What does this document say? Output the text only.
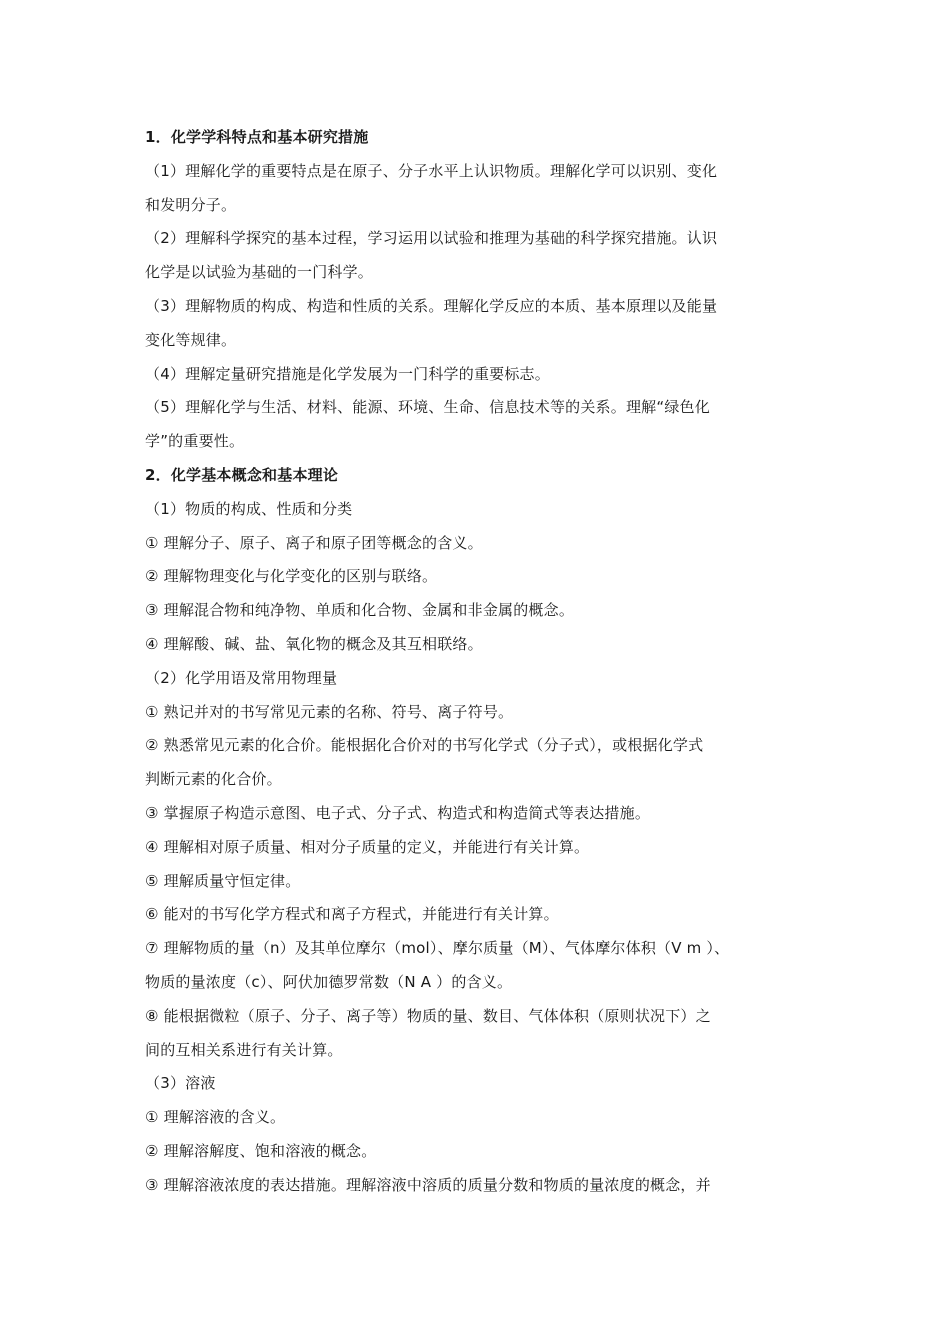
1．化学学科特点和基本研究措施
（1）理解化学的重要特点是在原子、分子水平上认识物质。理解化学可以识别、变化
和发明分子。
（2）理解科学探究的基本过程，学习运用以试验和推理为基础的科学探究措施。认识
化学是以试验为基础的一门科学。
（3）理解物质的构成、构造和性质的关系。理解化学反应的本质、基本原理以及能量
变化等规律。
（4）理解定量研究措施是化学发展为一门科学的重要标志。
（5）理解化学与生活、材料、能源、环境、生命、信息技术等的关系。理解“绿色化
学”的重要性。
2．化学基本概念和基本理论
（1）物质的构成、性质和分类
① 理解分子、原子、离子和原子团等概念的含义。
② 理解物理变化与化学变化的区别与联络。
③ 理解混合物和纯净物、单质和化合物、金属和非金属的概念。
④ 理解酸、碱、盐、氧化物的概念及其互相联络。
（2）化学用语及常用物理量
① 熟记并对的书写常见元素的名称、符号、离子符号。
② 熟悉常见元素的化合价。能根据化合价对的书写化学式（分子式），或根据化学式
判断元素的化合价。
③ 掌握原子构造示意图、电子式、分子式、构造式和构造简式等表达措施。
④ 理解相对原子质量、相对分子质量的定义，并能进行有关计算。
⑤ 理解质量守恒定律。
⑥ 能对的书写化学方程式和离子方程式，并能进行有关计算。
⑦ 理解物质的量（n）及其单位摩尔（mol）、摩尔质量（M）、气体摩尔体积（V m ）、
物质的量浓度（c）、阿伏加德罗常数（N A ）的含义。
⑧ 能根据微粒（原子、分子、离子等）物质的量、数目、气体体积（原则状况下）之
间的互相关系进行有关计算。
（3）溶液
① 理解溶液的含义。
② 理解溶解度、饱和溶液的概念。
③ 理解溶液浓度的表达措施。理解溶液中溶质的质量分数和物质的量浓度的概念，并
